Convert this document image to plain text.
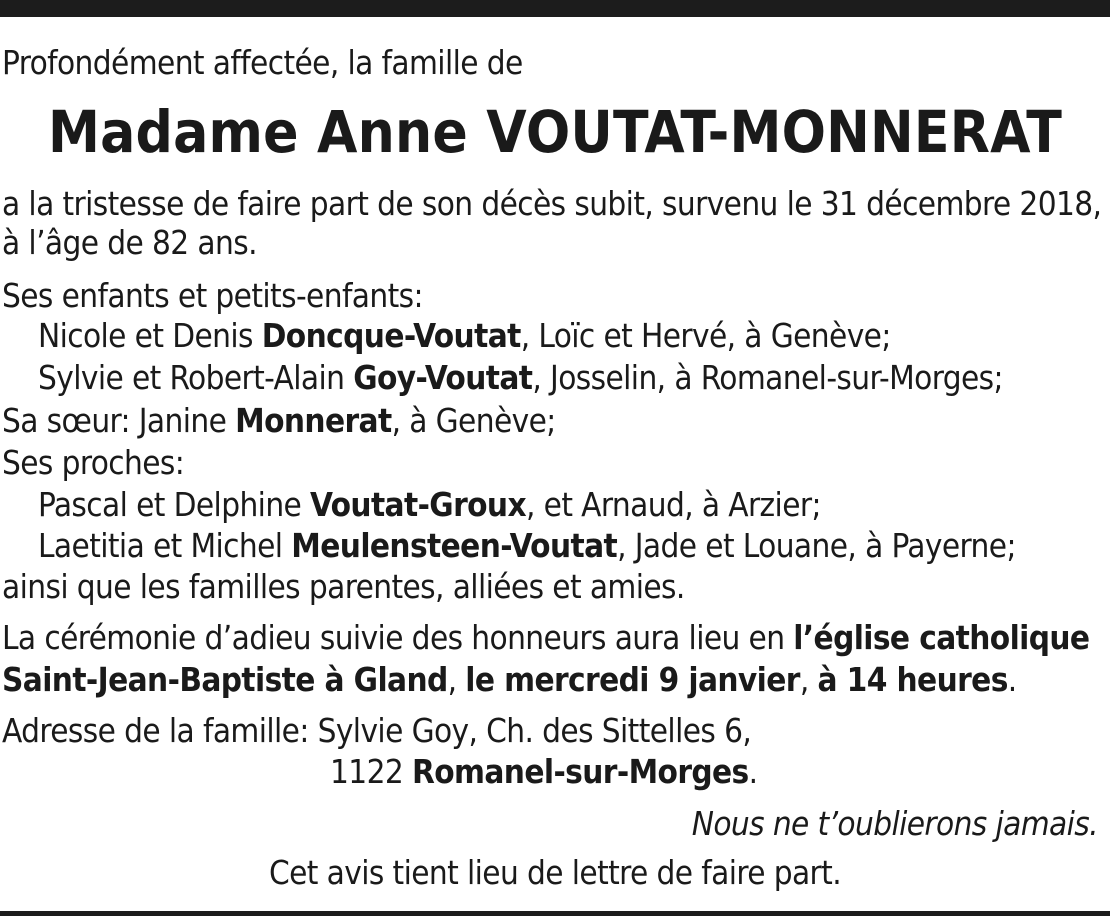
Profondément affectée, la famille de
Madame Anne VOUTAT-MONNERAT
a la tristesse de faire part de son décès subit, survenu le 31 décembre 2018,
à l’âge de 82 ans.
Ses enfants et petits-enfants:
Nicole et Denis Doncque-Voutat, Loïc et Hervé, à Genève;
Sylvie et Robert-Alain Goy-Voutat, Josselin, à Romanel-sur-Morges;
Sa sœur: Janine Monnerat, à Genève;
Ses proches:
Pascal et Delphine Voutat-Groux, et Arnaud, à Arzier;
Laetitia et Michel Meulensteen-Voutat, Jade et Louane, à Payerne;
ainsi que les familles parentes, alliées et amies.
La cérémonie d’adieu suivie des honneurs aura lieu en l’église catholique
Saint-Jean-Baptiste à Gland, le mercredi 9 janvier, à 14 heures.
Adresse de la famille: Sylvie Goy, Ch. des Sittelles 6,
1122 Romanel-sur-Morges.
Nous ne t’oublierons jamais.
Cet avis tient lieu de lettre de faire part.
